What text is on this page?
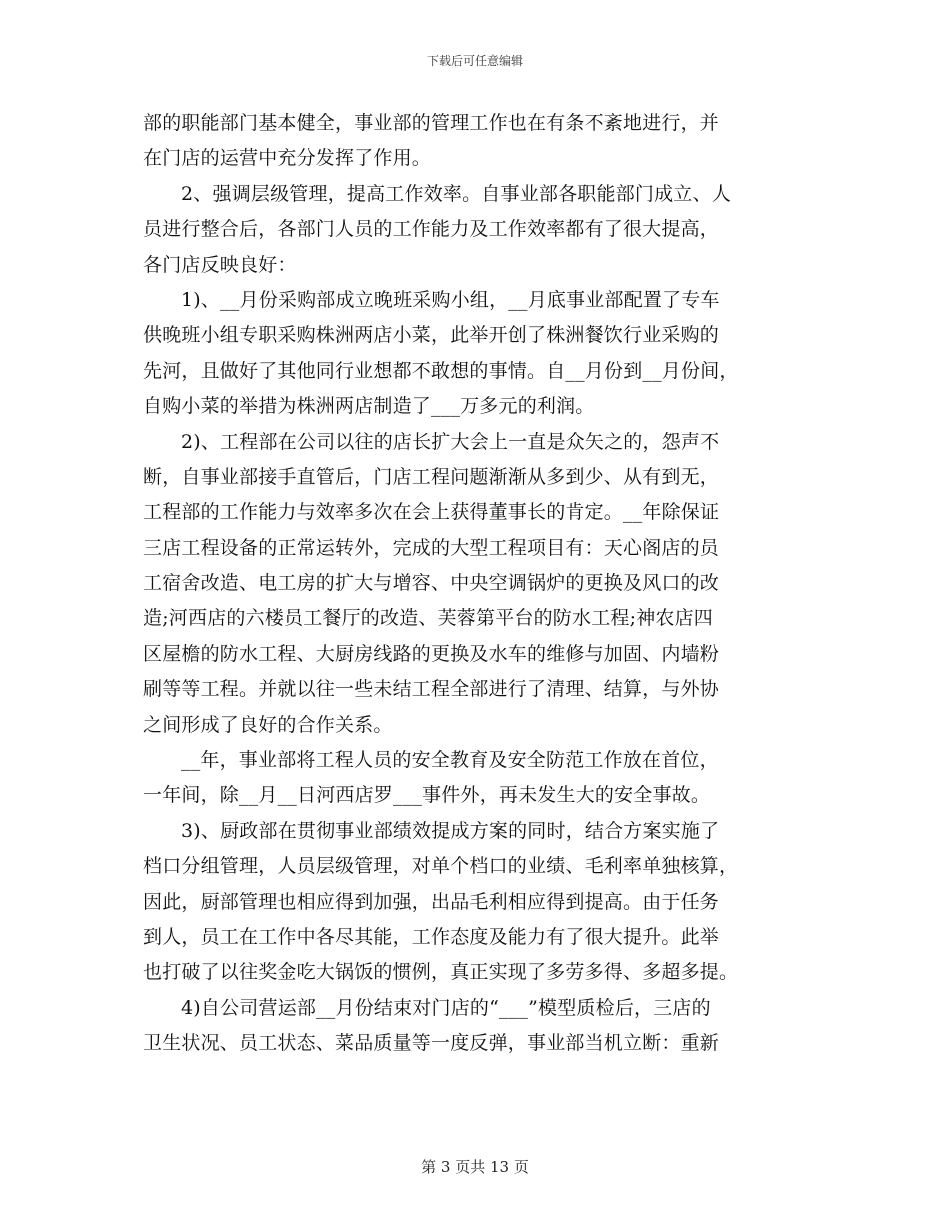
下载后可任意编辑
部的职能部门基本健全，事业部的管理工作也在有条不紊地进行，并
在门店的运营中充分发挥了作用。
2、强调层级管理，提高工作效率。自事业部各职能部门成立、人
员进行整合后，各部门人员的工作能力及工作效率都有了很大提高，
各门店反映良好：
1)、__月份采购部成立晚班采购小组，__月底事业部配置了专车
供晚班小组专职采购株洲两店小菜，此举开创了株洲餐饮行业采购的
先河，且做好了其他同行业想都不敢想的事情。自__月份到__月份间，
自购小菜的举措为株洲两店制造了___万多元的利润。
2)、工程部在公司以往的店长扩大会上一直是众矢之的，怨声不
断，自事业部接手直管后，门店工程问题渐渐从多到少、从有到无，
工程部的工作能力与效率多次在会上获得董事长的肯定。__年除保证
三店工程设备的正常运转外，完成的大型工程项目有：天心阁店的员
工宿舍改造、电工房的扩大与增容、中央空调锅炉的更换及风口的改
造;河西店的六楼员工餐厅的改造、芙蓉第平台的防水工程;神农店四
区屋檐的防水工程、大厨房线路的更换及水车的维修与加固、内墙粉
刷等等工程。并就以往一些未结工程全部进行了清理、结算，与外协
之间形成了良好的合作关系。
__年，事业部将工程人员的安全教育及安全防范工作放在首位，
一年间，除__月__日河西店罗___事件外，再未发生大的安全事故。
3)、厨政部在贯彻事业部绩效提成方案的同时，结合方案实施了
档口分组管理，人员层级管理，对单个档口的业绩、毛利率单独核算，
因此，厨部管理也相应得到加强，出品毛利相应得到提高。由于任务
到人，员工在工作中各尽其能，工作态度及能力有了很大提升。此举
也打破了以往奖金吃大锅饭的惯例，真正实现了多劳多得、多超多提。
4)自公司营运部__月份结束对门店的“___”模型质检后，三店的
卫生状况、员工状态、菜品质量等一度反弹，事业部当机立断：重新
第 3 页共 13 页
